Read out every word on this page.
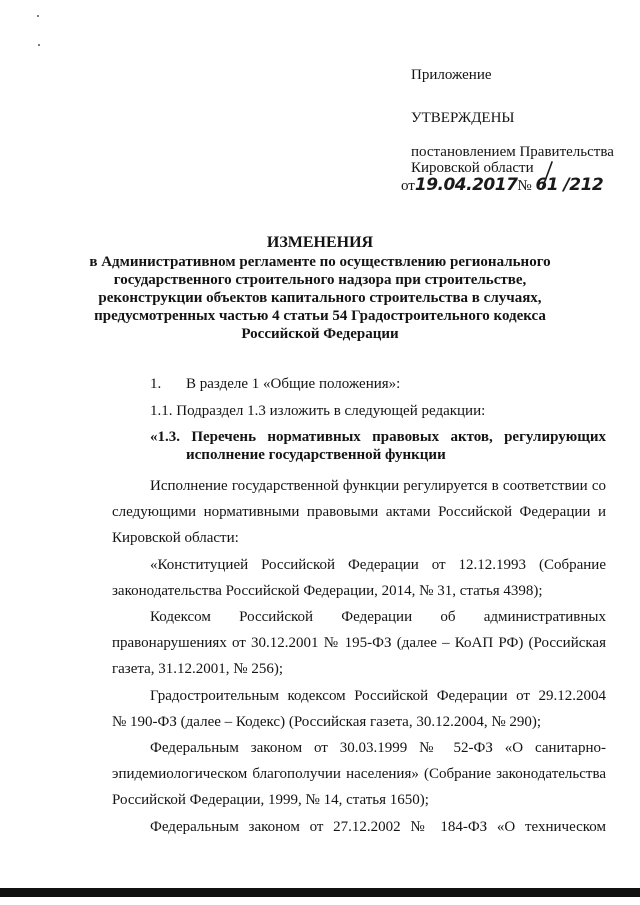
Приложение
УТВЕРЖДЕНЫ
постановлением Правительства
Кировской области
от19.04.2017№ 61 /212
ИЗМЕНЕНИЯ
в Административном регламенте по осуществлению регионального
государственного строительного надзора при строительстве,
реконструкции объектов капитального строительства в случаях,
предусмотренных частью 4 статьи 54 Градостроительного кодекса
Российской Федерации
1. В разделе 1 «Общие положения»:
1.1. Подраздел 1.3 изложить в следующей редакции:
«1.3. Перечень нормативных правовых актов, регулирующих
исполнение государственной функции
Исполнение государственной функции регулируется в соответствии со
следующими нормативными правовыми актами Российской Федерации и
Кировской области:
«Конституцией Российской Федерации от 12.12.1993 (Собрание
законодательства Российской Федерации, 2014, № 31, статья 4398);
Кодексом Российской Федерации об административных
правонарушениях от 30.12.2001 № 195-ФЗ (далее – КоАП РФ) (Российская
газета, 31.12.2001, № 256);
Градостроительным кодексом Российской Федерации от 29.12.2004
№ 190-ФЗ (далее – Кодекс) (Российская газета, 30.12.2004, № 290);
Федеральным законом от 30.03.1999 № 52-ФЗ «О санитарно-
эпидемиологическом благополучии населения» (Собрание законодательства
Российской Федерации, 1999, № 14, статья 1650);
Федеральным законом от 27.12.2002 № 184-ФЗ «О техническом
